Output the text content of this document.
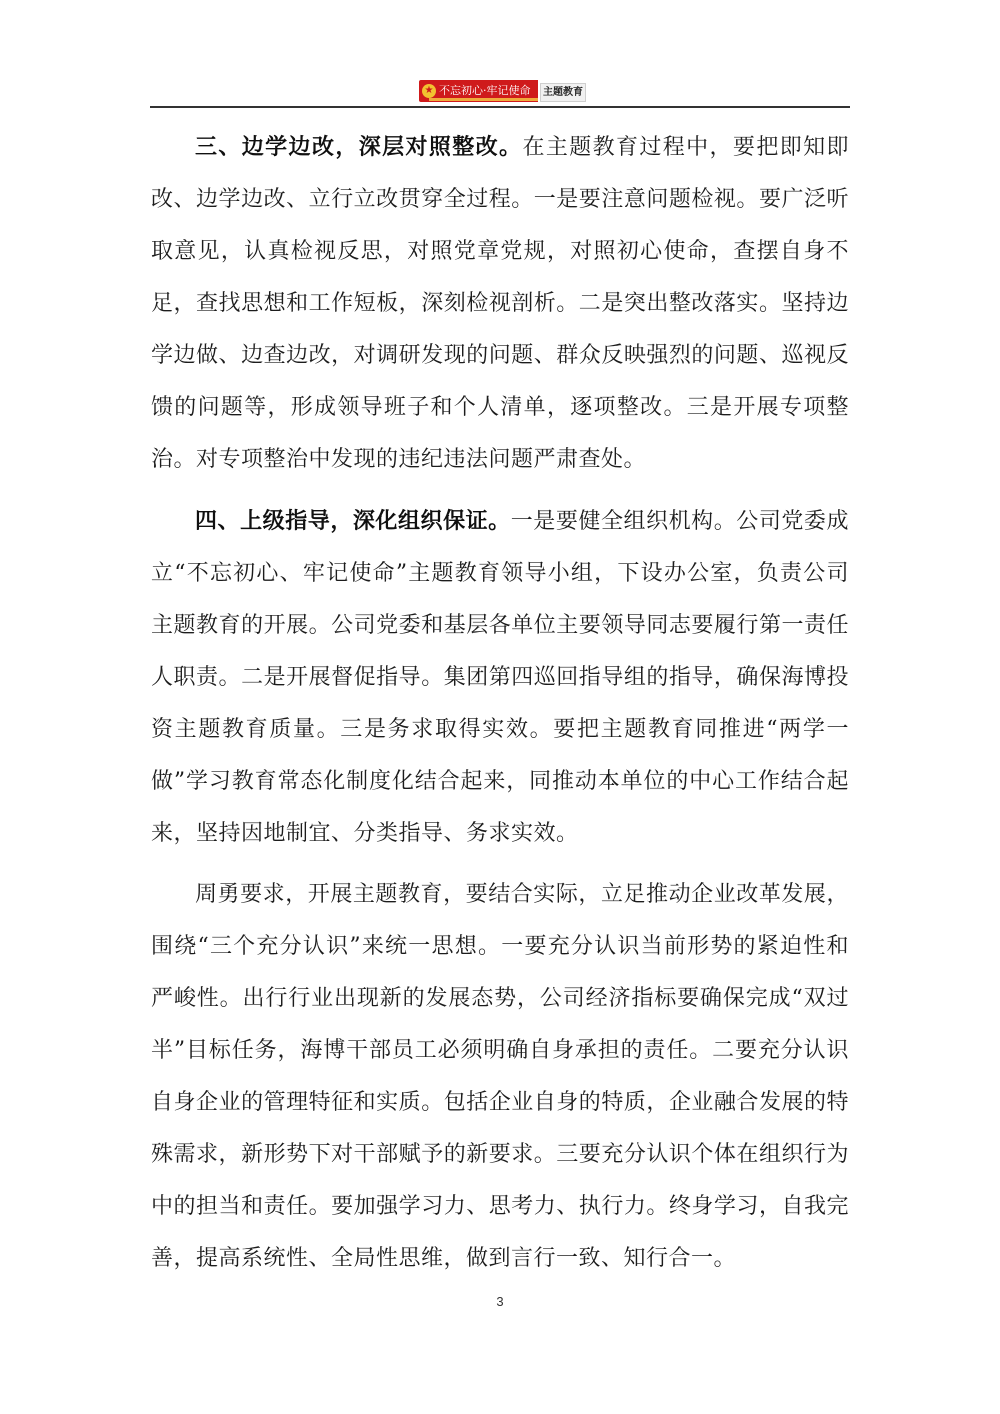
★ 不忘初心·牢记使命	主题教育

三、边学边改，深层对照整改。在主题教育过程中，要把即知即改、边学边改、立行立改贯穿全过程。一是要注意问题检视。要广泛听取意见，认真检视反思，对照党章党规，对照初心使命，查摆自身不足，查找思想和工作短板，深刻检视剖析。二是突出整改落实。坚持边学边做、边查边改，对调研发现的问题、群众反映强烈的问题、巡视反馈的问题等，形成领导班子和个人清单，逐项整改。三是开展专项整治。对专项整治中发现的违纪违法问题严肃查处。

四、上级指导，深化组织保证。一是要健全组织机构。公司党委成立“不忘初心、牢记使命”主题教育领导小组，下设办公室，负责公司主题教育的开展。公司党委和基层各单位主要领导同志要履行第一责任人职责。二是开展督促指导。集团第四巡回指导组的指导，确保海博投资主题教育质量。三是务求取得实效。要把主题教育同推进“两学一做”学习教育常态化制度化结合起来，同推动本单位的中心工作结合起来，坚持因地制宜、分类指导、务求实效。

周勇要求，开展主题教育，要结合实际，立足推动企业改革发展，围绕“三个充分认识”来统一思想。一要充分认识当前形势的紧迫性和严峻性。出行行业出现新的发展态势，公司经济指标要确保完成“双过半”目标任务，海博干部员工必须明确自身承担的责任。二要充分认识自身企业的管理特征和实质。包括企业自身的特质，企业融合发展的特殊需求，新形势下对干部赋予的新要求。三要充分认识个体在组织行为中的担当和责任。要加强学习力、思考力、执行力。终身学习，自我完善，提高系统性、全局性思维，做到言行一致、知行合一。

3
